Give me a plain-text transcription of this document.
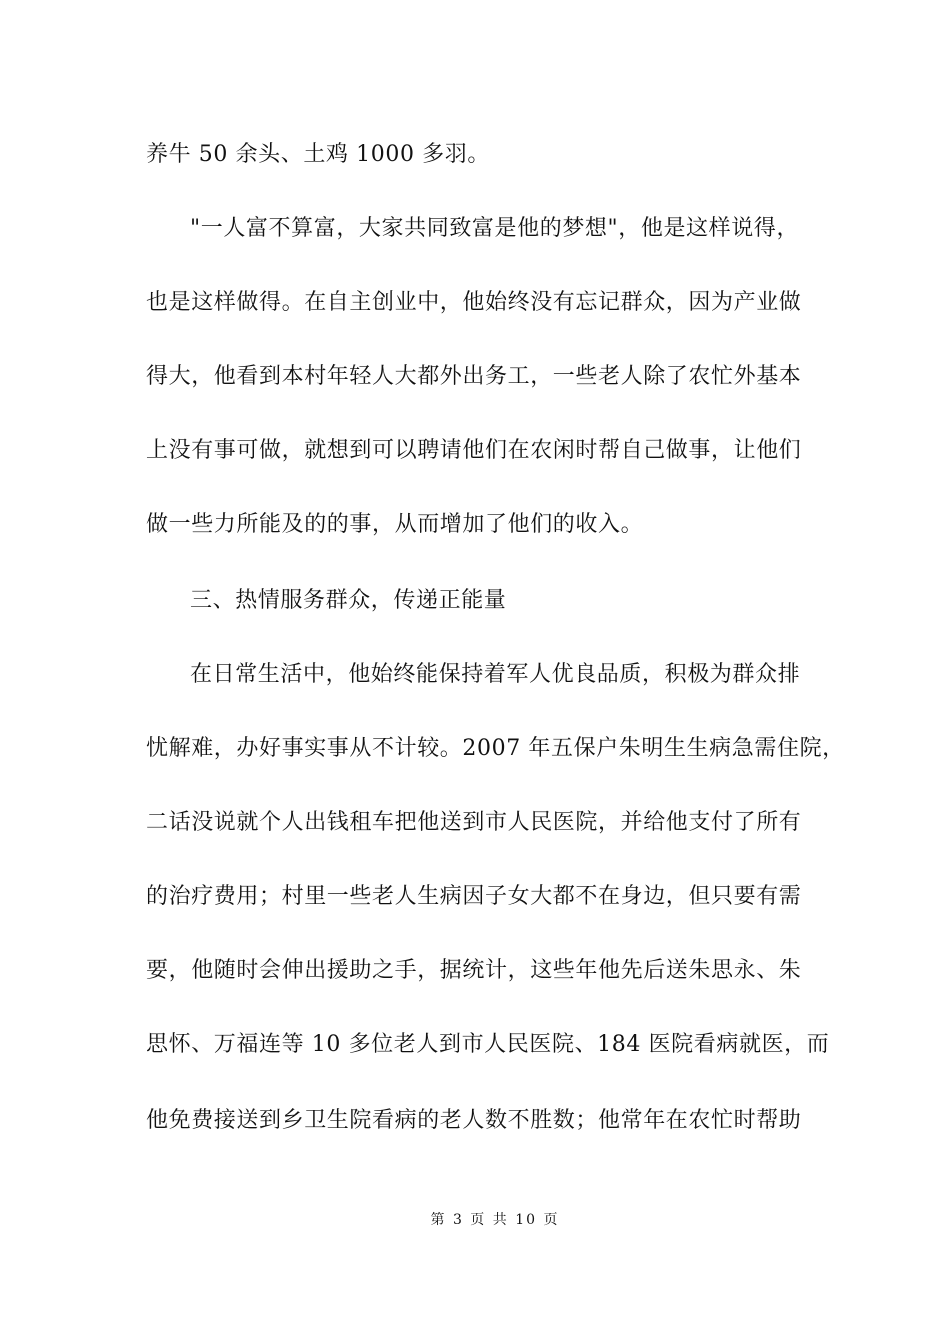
养牛 50 余头、土鸡 1000 多羽。
"一人富不算富，大家共同致富是他的梦想"，他是这样说得，
也是这样做得。在自主创业中，他始终没有忘记群众，因为产业做
得大，他看到本村年轻人大都外出务工，一些老人除了农忙外基本
上没有事可做，就想到可以聘请他们在农闲时帮自己做事，让他们
做一些力所能及的的事，从而增加了他们的收入。
三、热情服务群众，传递正能量
在日常生活中，他始终能保持着军人优良品质，积极为群众排
忧解难，办好事实事从不计较。2007 年五保户朱明生生病急需住院，
二话没说就个人出钱租车把他送到市人民医院，并给他支付了所有
的治疗费用；村里一些老人生病因子女大都不在身边，但只要有需
要，他随时会伸出援助之手，据统计，这些年他先后送朱思永、朱
思怀、万福连等 10 多位老人到市人民医院、184 医院看病就医，而
他免费接送到乡卫生院看病的老人数不胜数；他常年在农忙时帮助
第 3 页 共 10 页
